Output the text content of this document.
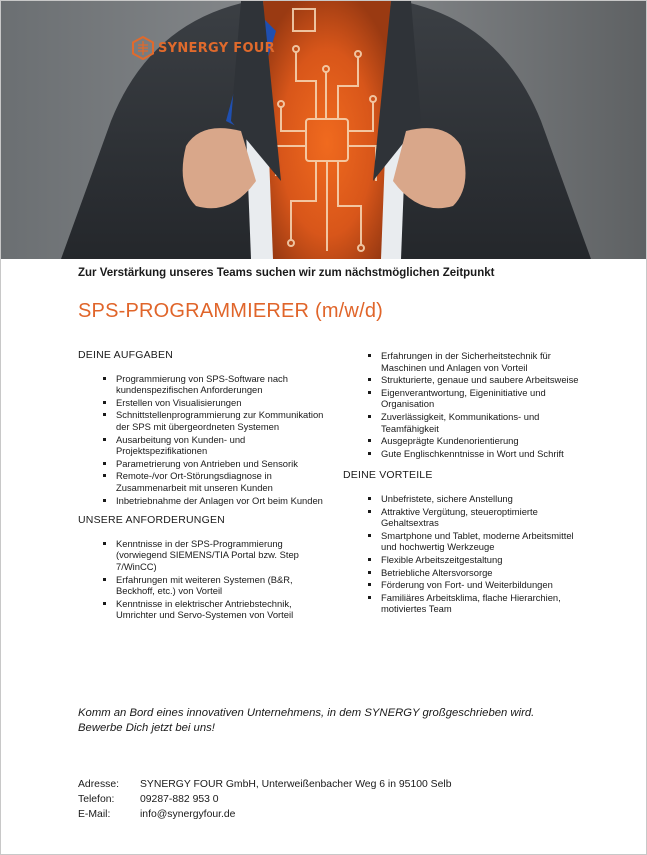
SYNERGY FOUR
Zur Verstärkung unseres Teams suchen wir zum nächstmöglichen Zeitpunkt
SPS-PROGRAMMIERER (m/w/d)
DEINE AUFGABEN
Programmierung von SPS-Software nach kundenspezifischen Anforderungen
Erstellen von Visualisierungen
Schnittstellenprogrammierung zur Kommunikation der SPS mit übergeordneten Systemen
Ausarbeitung von Kunden- und Projektspezifikationen
Parametrierung von Antrieben und Sensorik
Remote-/vor Ort-Störungsdiagnose in Zusammenarbeit mit unseren Kunden
Inbetriebnahme der Anlagen vor Ort beim Kunden
UNSERE ANFORDERUNGEN
Kenntnisse in der SPS-Programmierung (vorwiegend SIEMENS/TIA Portal bzw. Step 7/WinCC)
Erfahrungen mit weiteren Systemen (B&R, Beckhoff, etc.) von Vorteil
Kenntnisse in elektrischer Antriebstechnik, Umrichter und Servo-Systemen von Vorteil
Erfahrungen in der Sicherheitstechnik für Maschinen und Anlagen von Vorteil
Strukturierte, genaue und saubere Arbeitsweise
Eigenverantwortung, Eigeninitiative und Organisation
Zuverlässigkeit, Kommunikations- und Teamfähigkeit
Ausgeprägte Kundenorientierung
Gute Englischkenntnisse in Wort und Schrift
DEINE VORTEILE
Unbefristete, sichere Anstellung
Attraktive Vergütung, steueroptimierte Gehaltsextras
Smartphone und Tablet, moderne Arbeitsmittel und hochwertig Werkzeuge
Flexible Arbeitszeitgestaltung
Betriebliche Altersvorsorge
Förderung von Fort- und Weiterbildungen
Familiäres Arbeitsklima, flache Hierarchien, motiviertes Team
Komm an Bord eines innovativen Unternehmens, in dem SYNERGY großgeschrieben wird.
Bewerbe Dich jetzt bei uns!
Adresse:	SYNERGY FOUR GmbH, Unterweißenbacher Weg 6 in 95100 Selb
Telefon:	09287-882 953 0
E-Mail:	info@synergyfour.de
